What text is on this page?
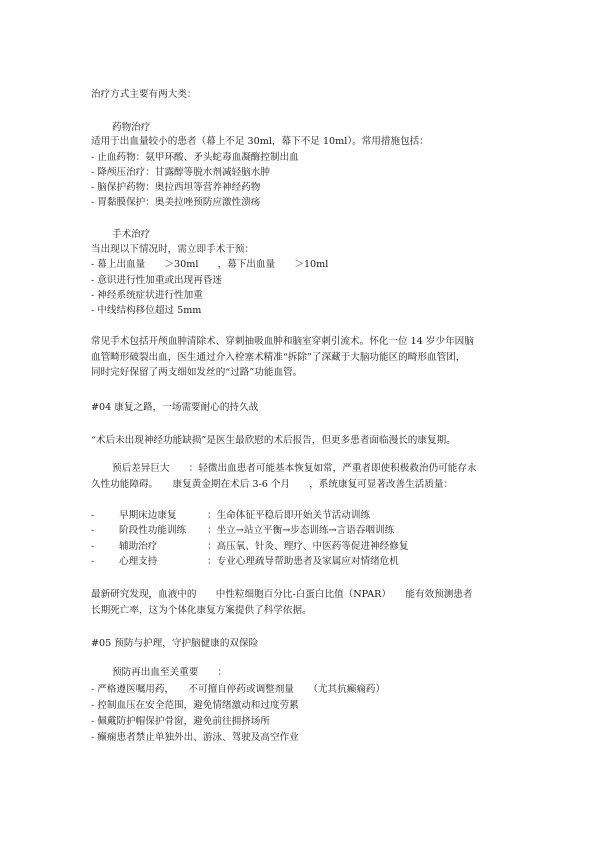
治疗方式主要有两大类：
药物治疗
适用于出血量较小的患者（幕上不足 30ml，幕下不足 10ml）。常用措施包括：
- 止血药物：氨甲环酸、矛头蛇毒血凝酶控制出血
- 降颅压治疗：甘露醇等脱水剂减轻脑水肿
- 脑保护药物：奥拉西坦等营养神经药物
- 胃黏膜保护：奥美拉唑预防应激性溃疡
手术治疗
当出现以下情况时，需立即手术干预：
- 幕上出血量　　＞30ml　　，幕下出血量　　＞10ml
- 意识进行性加重或出现再昏迷
- 神经系统症状进行性加重
- 中线结构移位超过 5mm
常见手术包括开颅血肿清除术、穿刺抽吸血肿和脑室穿刺引流术。怀化一位 14 岁少年因脑
血管畸形破裂出血，医生通过介入栓塞术精准“拆除”了深藏于大脑功能区的畸形血管团，
同时完好保留了两支细如发丝的“过路”功能血管。
#04 康复之路，一场需要耐心的持久战
“术后未出现神经功能缺损”是医生最欣慰的术后报告，但更多患者面临漫长的康复期。
预后差异巨大　　：轻微出血患者可能基本恢复如常，严重者即使积极救治仍可能存永
久性功能障碍。　　康复黄金期在术后 3-6 个月　　，系统康复可显著改善生活质量：
-	早期床边康复	：生命体征平稳后即开始关节活动训练
-	阶段性功能训练 ：坐立→站立平衡→步态训练→言语吞咽训练
-	辅助治疗	：高压氧、针灸、理疗、中医药等促进神经修复
-	心理支持	：专业心理疏导帮助患者及家属应对情绪危机
最新研究发现，血液中的　　中性粒细胞百分比-白蛋白比值（NPAR）　　能有效预测患者
长期死亡率，这为个体化康复方案提供了科学依据。
#05 预防与护理，守护脑健康的双保险
预防再出血至关重要　　：
- 严格遵医嘱用药，　　不可擅自停药或调整剂量　　（尤其抗癫痫药）
- 控制血压在安全范围，避免情绪激动和过度劳累
- 佩戴防护帽保护骨窗，避免前往拥挤场所
- 癫痫患者禁止单独外出、游泳、驾驶及高空作业
